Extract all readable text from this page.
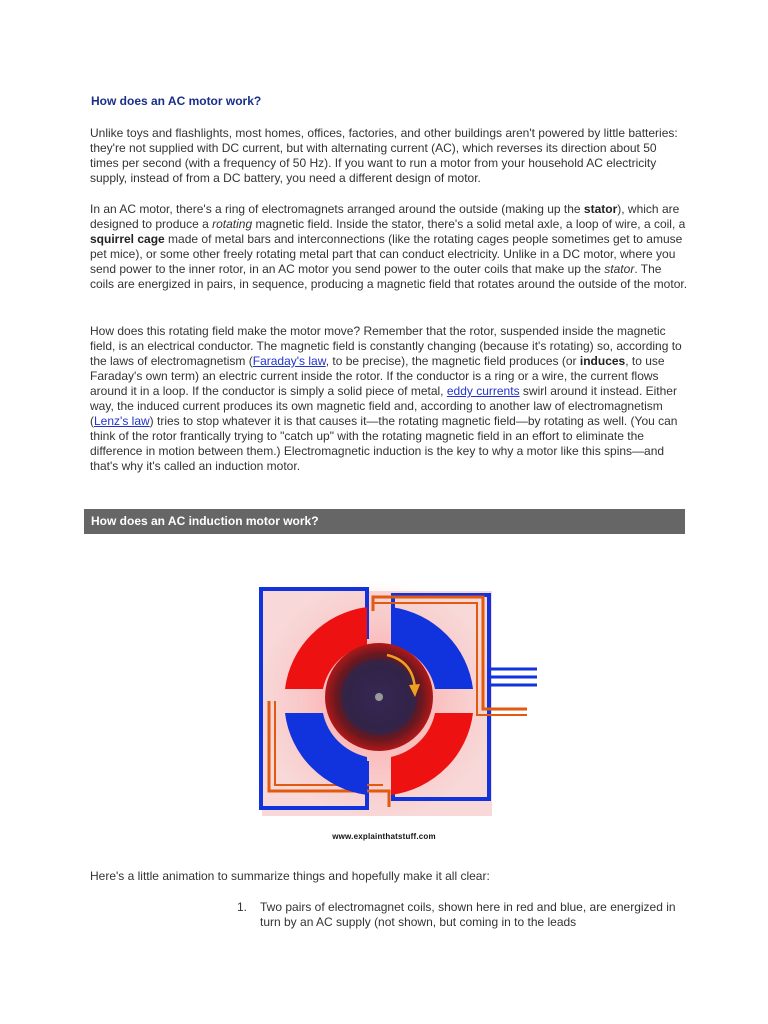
How does an AC motor work?

Unlike toys and flashlights, most homes, offices, factories, and other buildings aren't powered by little batteries: they're not supplied with DC current, but with alternating current (AC), which reverses its direction about 50 times per second (with a frequency of 50 Hz). If you want to run a motor from your household AC electricity supply, instead of from a DC battery, you need a different design of motor.

In an AC motor, there's a ring of electromagnets arranged around the outside (making up the stator), which are designed to produce a rotating magnetic field. Inside the stator, there's a solid metal axle, a loop of wire, a coil, a squirrel cage made of metal bars and interconnections (like the rotating cages people sometimes get to amuse pet mice), or some other freely rotating metal part that can conduct electricity. Unlike in a DC motor, where you send power to the inner rotor, in an AC motor you send power to the outer coils that make up the stator. The coils are energized in pairs, in sequence, producing a magnetic field that rotates around the outside of the motor.

How does this rotating field make the motor move? Remember that the rotor, suspended inside the magnetic field, is an electrical conductor. The magnetic field is constantly changing (because it's rotating) so, according to the laws of electromagnetism (Faraday's law, to be precise), the magnetic field produces (or induces, to use Faraday's own term) an electric current inside the rotor. If the conductor is a ring or a wire, the current flows around it in a loop. If the conductor is simply a solid piece of metal, eddy currents swirl around it instead. Either way, the induced current produces its own magnetic field and, according to another law of electromagnetism (Lenz's law) tries to stop whatever it is that causes it—the rotating magnetic field—by rotating as well. (You can think of the rotor frantically trying to "catch up" with the rotating magnetic field in an effort to eliminate the difference in motion between them.) Electromagnetic induction is the key to why a motor like this spins—and that's why it's called an induction motor.

How does an AC induction motor work?
www.explainthatstuff.com

Here's a little animation to summarize things and hopefully make it all clear:

1. Two pairs of electromagnet coils, shown here in red and blue, are energized in turn by an AC supply (not shown, but coming in to the leads
